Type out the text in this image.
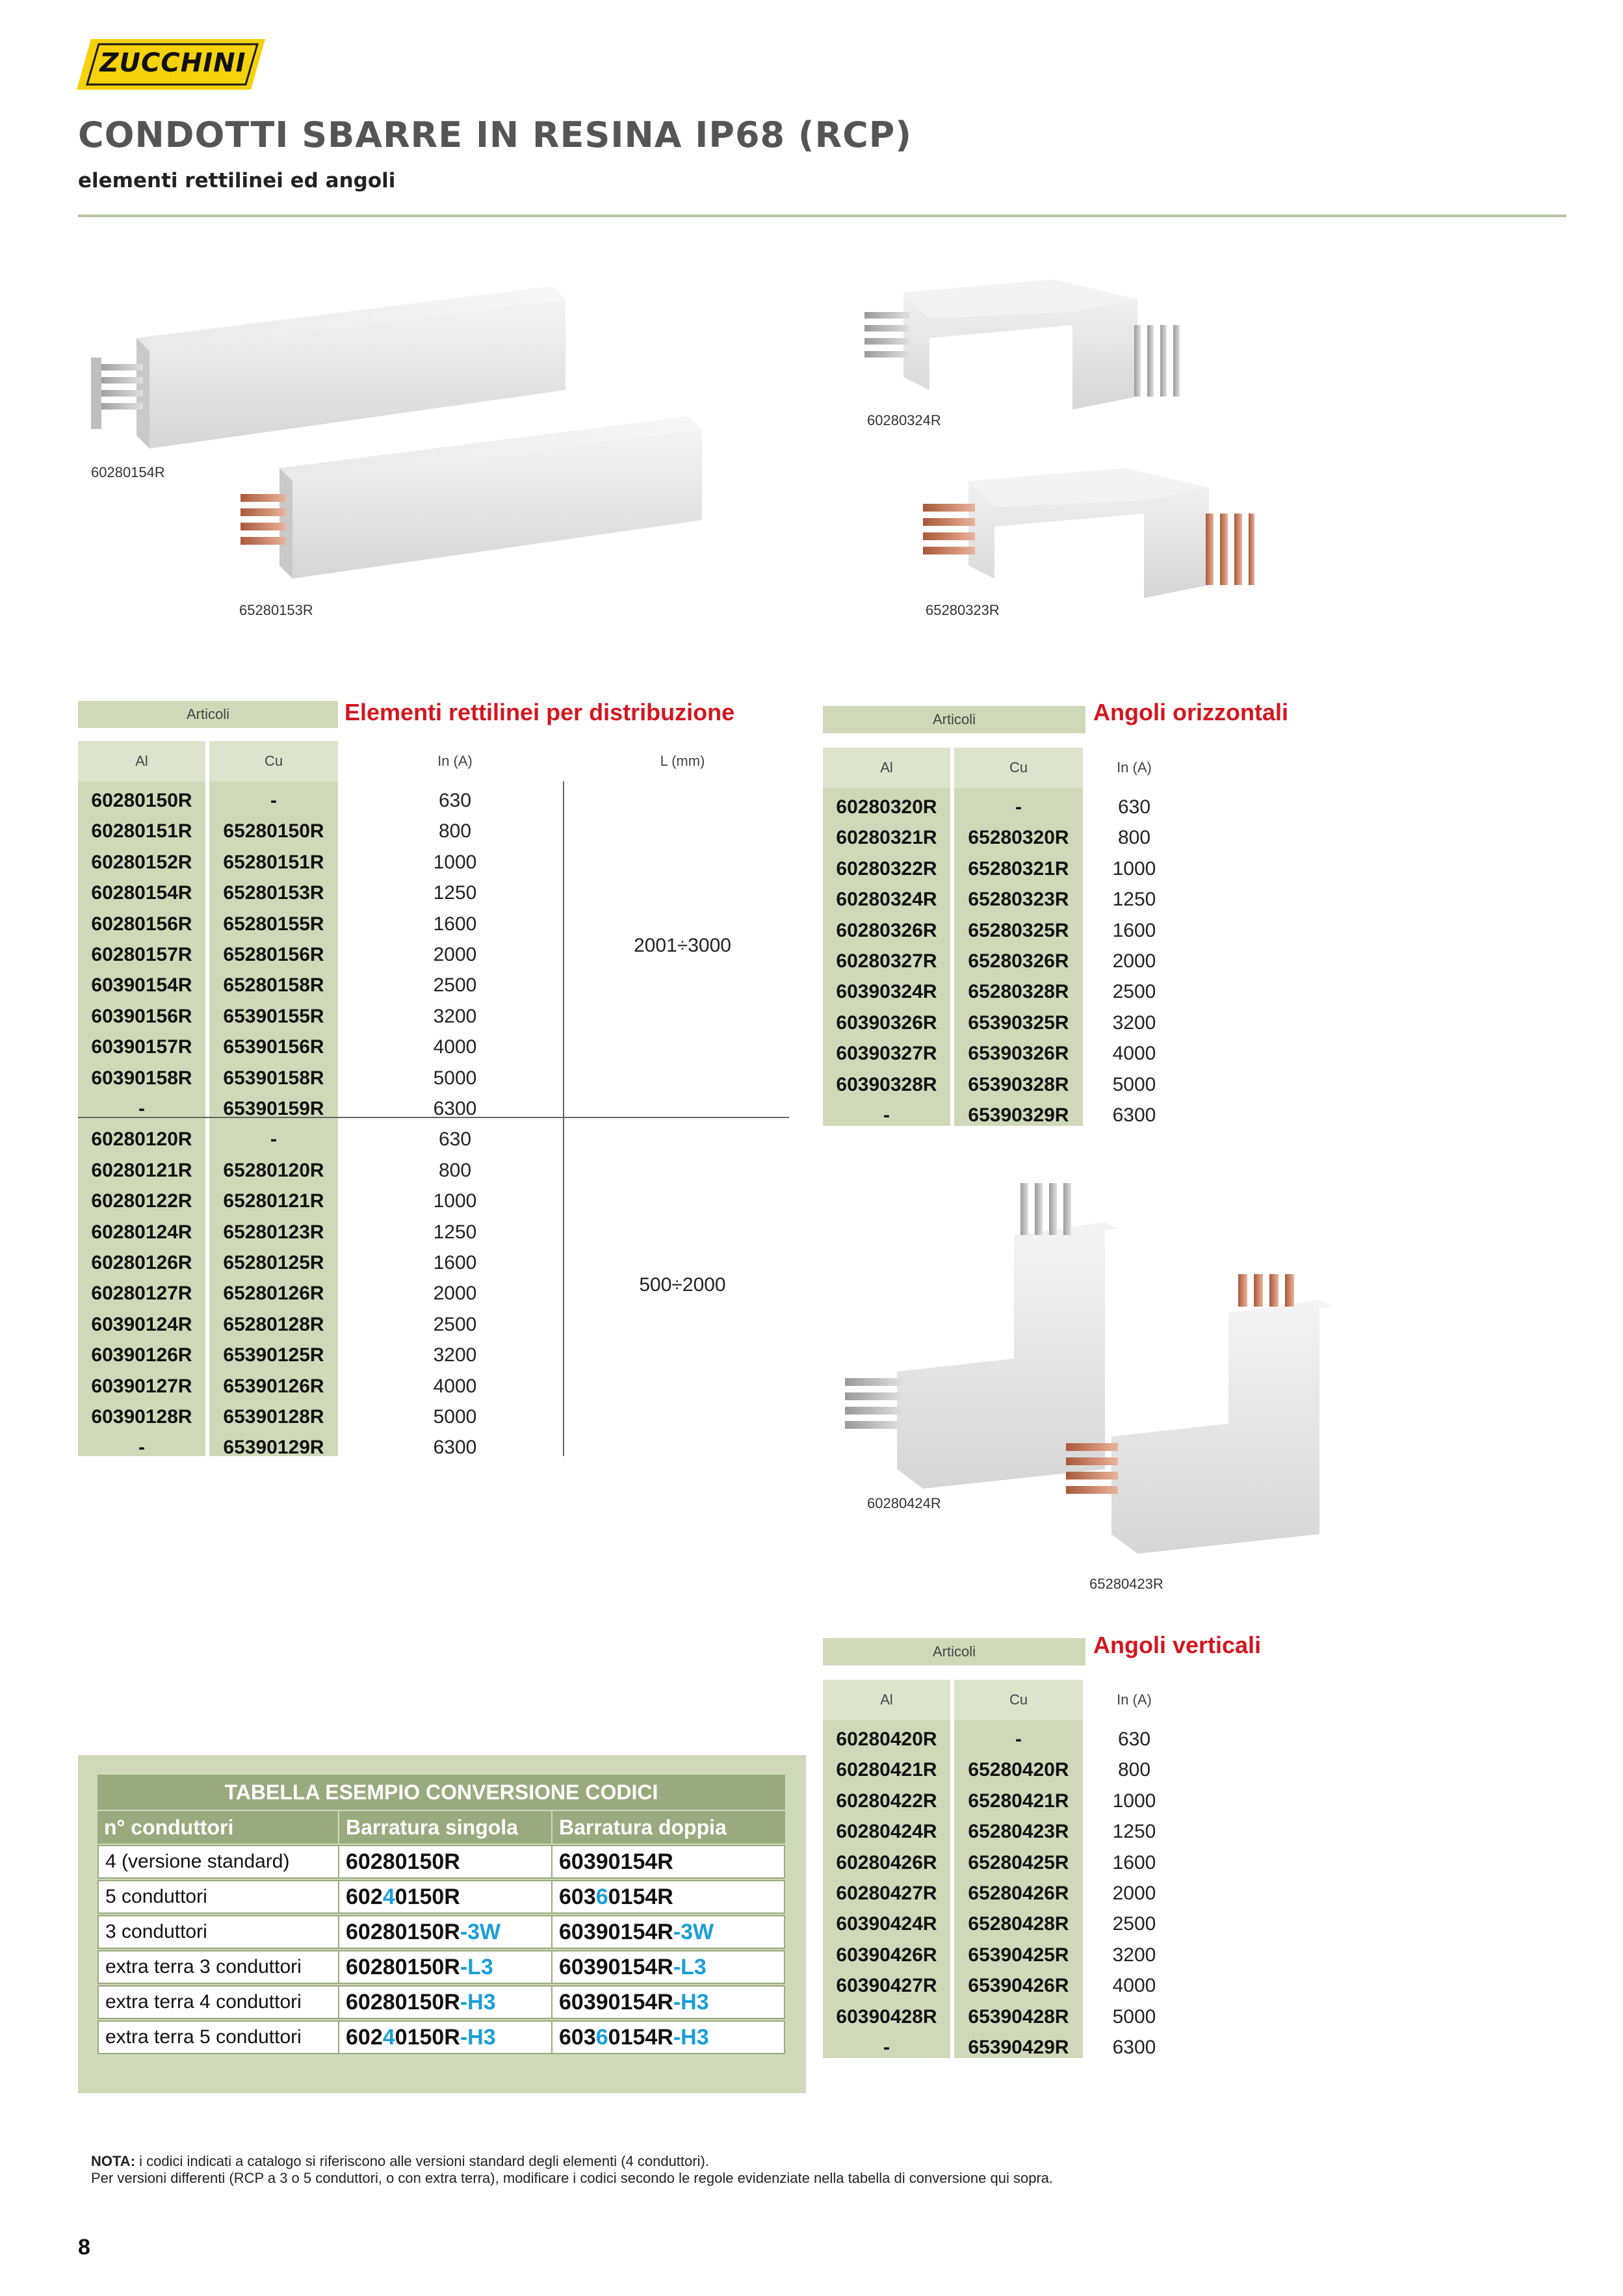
ZUCCHINI
CONDOTTI SBARRE IN RESINA IP68 (RCP)
elementi rettilinei ed angoli
60280154R
65280153R
60280324R
65280323R
60280424R
65280423R
Articoli	Elementi rettilinei per distribuzione
Al	Cu	In (A)	L (mm)
2001÷3000
500÷2000
60280150R	-	630
60280151R	65280150R	800
60280152R	65280151R	1000
60280154R	65280153R	1250
60280156R	65280155R	1600
60280157R	65280156R	2000
60390154R	65280158R	2500
60390156R	65390155R	3200
60390157R	65390156R	4000
60390158R	65390158R	5000
-	65390159R	6300
60280120R	-	630
60280121R	65280120R	800
60280122R	65280121R	1000
60280124R	65280123R	1250
60280126R	65280125R	1600
60280127R	65280126R	2000
60390124R	65280128R	2500
60390126R	65390125R	3200
60390127R	65390126R	4000
60390128R	65390128R	5000
-	65390129R	6300
Articoli	Angoli orizzontali
Al	Cu	In (A)
60280320R	-	630
60280321R	65280320R	800
60280322R	65280321R	1000
60280324R	65280323R	1250
60280326R	65280325R	1600
60280327R	65280326R	2000
60390324R	65280328R	2500
60390326R	65390325R	3200
60390327R	65390326R	4000
60390328R	65390328R	5000
-	65390329R	6300
Articoli	Angoli verticali
Al	Cu	In (A)
60280420R	-	630
60280421R	65280420R	800
60280422R	65280421R	1000
60280424R	65280423R	1250
60280426R	65280425R	1600
60280427R	65280426R	2000
60390424R	65280428R	2500
60390426R	65390425R	3200
60390427R	65390426R	4000
60390428R	65390428R	5000
-	65390429R	6300
TABELLA ESEMPIO CONVERSIONE CODICI
n° conduttori	Barratura singola	Barratura doppia
4 (versione standard)	60280150R	60390154R
5 conduttori	602 4 0150R	603 6 0154R
3 conduttori	60280150R -3W	60390154R -3W
extra terra 3 conduttori	60280150R -L3	60390154R -L3
extra terra 4 conduttori	60280150R -H3	60390154R -H3
extra terra 5 conduttori	602 4 0150R -H3	603 6 0154R -H3
NOTA: i codici indicati a catalogo si riferiscono alle versioni standard degli elementi (4 conduttori).
Per versioni differenti (RCP a 3 o 5 conduttori, o con extra terra), modificare i codici secondo le regole evidenziate nella tabella di conversione qui sopra.
8
